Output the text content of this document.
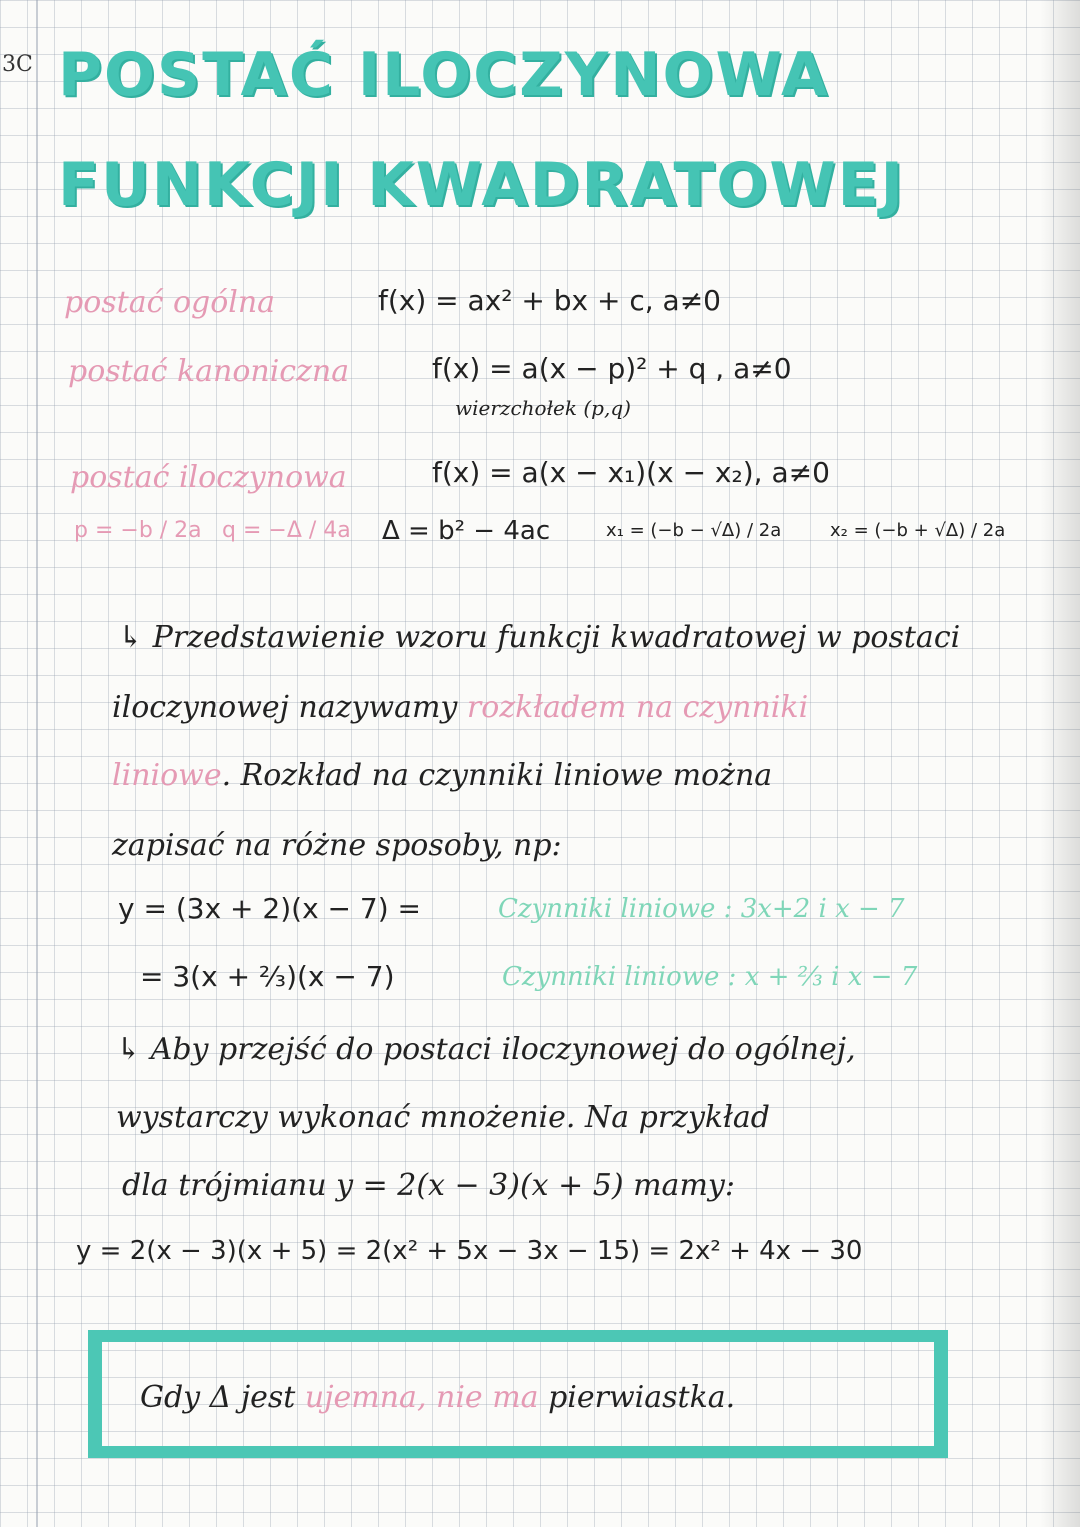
3C POSTAĆ ILOCZYNOWA
FUNKCJI KWADRATOWEJ
postać ogólna	f(x) = ax² + bx + c, a≠0
postać kanoniczna	f(x) = a(x − p)² + q , a≠0
wierzchołek (p,q)
postać iloczynowa	f(x) = a(x − x₁)(x − x₂), a≠0
p = −b / 2a q = −Δ / 4a Δ = b² − 4ac	x₁ = (−b − √Δ) / 2a	x₂ = (−b + √Δ) / 2a
↳ Przedstawienie wzoru funkcji kwadratowej w postaci
iloczynowej nazywamy rozkładem na czynniki
liniowe. Rozkład na czynniki liniowe można
zapisać na różne sposoby, np:
y = (3x + 2)(x − 7) =	Czynniki liniowe : 3x+2 i x − 7
= 3(x + ⅔)(x − 7)	Czynniki liniowe : x + ⅔ i x − 7
↳ Aby przejść do postaci iloczynowej do ogólnej,
wystarczy wykonać mnożenie. Na przykład
dla trójmianu y = 2(x − 3)(x + 5) mamy:
y = 2(x − 3)(x + 5) = 2(x² + 5x − 3x − 15) = 2x² + 4x − 30
Gdy Δ jest ujemna, nie ma pierwiastka.
